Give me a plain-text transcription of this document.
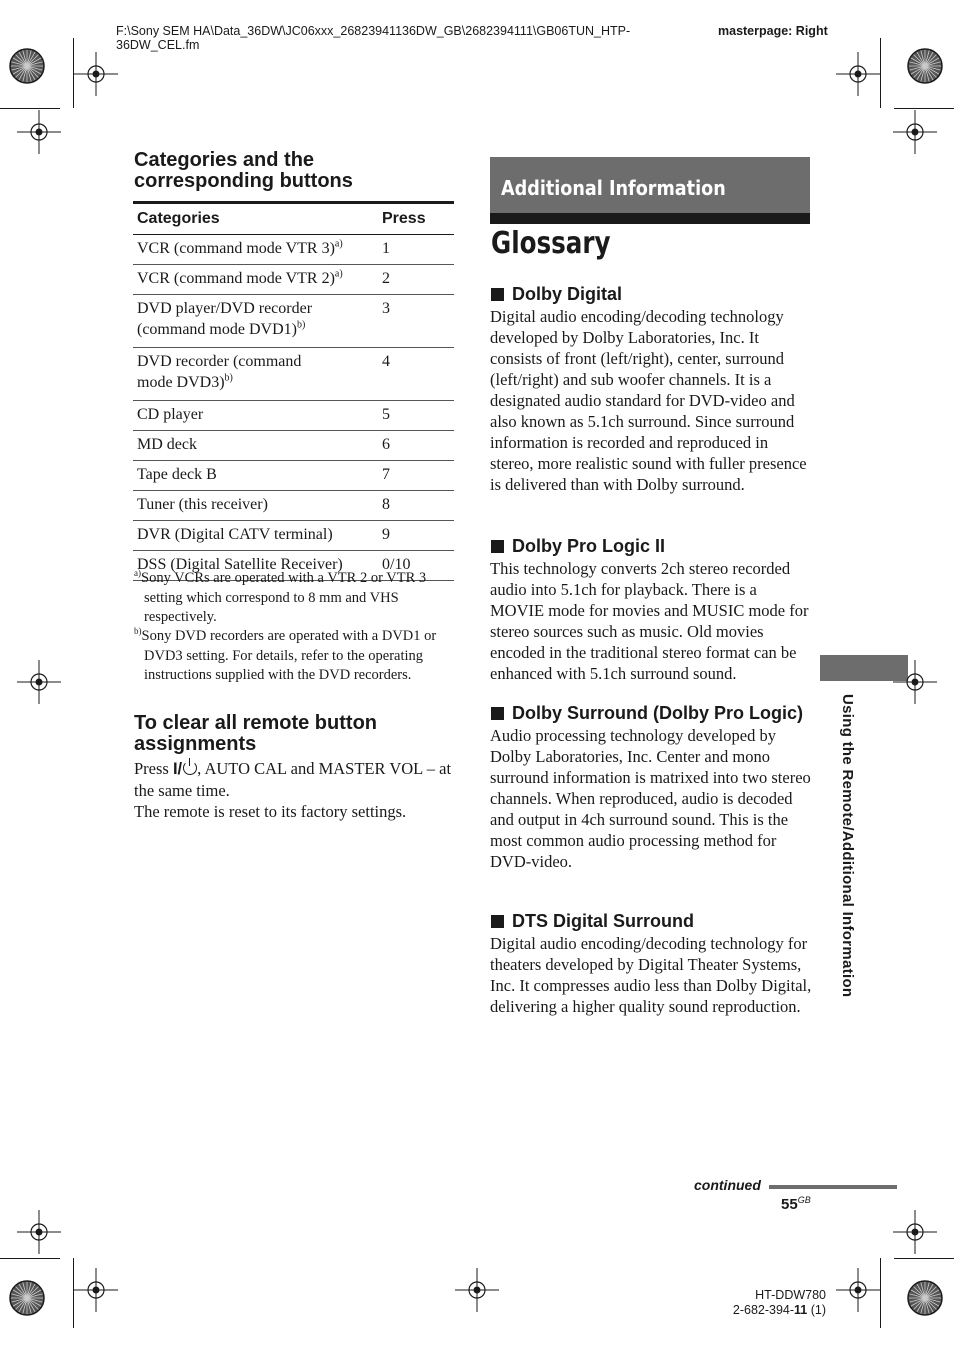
F:\Sony SEM HA\Data_36DW\JC06xxx_26823941136DW_GB\2682394111\GB06TUN_HTP-36DW_CEL.fm
masterpage: Right
Categories and the corresponding buttons
Categories	Press
VCR (command mode VTR 3)$^{a)}$	1
VCR (command mode VTR 2)$^{a)}$	2
DVD player/DVD recorder (command mode DVD1)$^{b)}$	3
DVD recorder (command mode DVD3)$^{b)}$	4
CD player	5
MD deck	6
Tape deck B	7
Tuner (this receiver)	8
DVR (Digital CATV terminal)	9
DSS (Digital Satellite Receiver)	0/10
$^{a)}$Sony VCRs are operated with a VTR 2 or VTR 3 setting which correspond to 8 mm and VHS respectively.
$^{b)}$Sony DVD recorders are operated with a DVD1 or DVD3 setting. For details, refer to the operating instructions supplied with the DVD recorders.
To clear all remote button assignments
Press I/ , AUTO CAL and MASTER VOL – at the same time.
The remote is reset to its factory settings.
Additional Information
Glossary
Dolby Digital
Digital audio encoding/decoding technology developed by Dolby Laboratories, Inc. It consists of front (left/right), center, surround (left/right) and sub woofer channels. It is a designated audio standard for DVD-video and also known as 5.1ch surround. Since surround information is recorded and reproduced in stereo, more realistic sound with fuller presence is delivered than with Dolby surround.
Dolby Pro Logic II
This technology converts 2ch stereo recorded audio into 5.1ch for playback. There is a MOVIE mode for movies and MUSIC mode for stereo sources such as music. Old movies encoded in the traditional stereo format can be enhanced with 5.1ch surround sound.
Dolby Surround (Dolby Pro Logic)
Audio processing technology developed by Dolby Laboratories, Inc. Center and mono surround information is matrixed into two stereo channels. When reproduced, audio is decoded and output in 4ch surround sound. This is the most common audio processing method for DVD-video.
DTS Digital Surround
Digital audio encoding/decoding technology for theaters developed by Digital Theater Systems, Inc. It compresses audio less than Dolby Digital, delivering a higher quality sound reproduction.
Using the Remote/Additional Information
continued
$55^{GB}$
HT-DDW780
2-682-394-11 (1)
